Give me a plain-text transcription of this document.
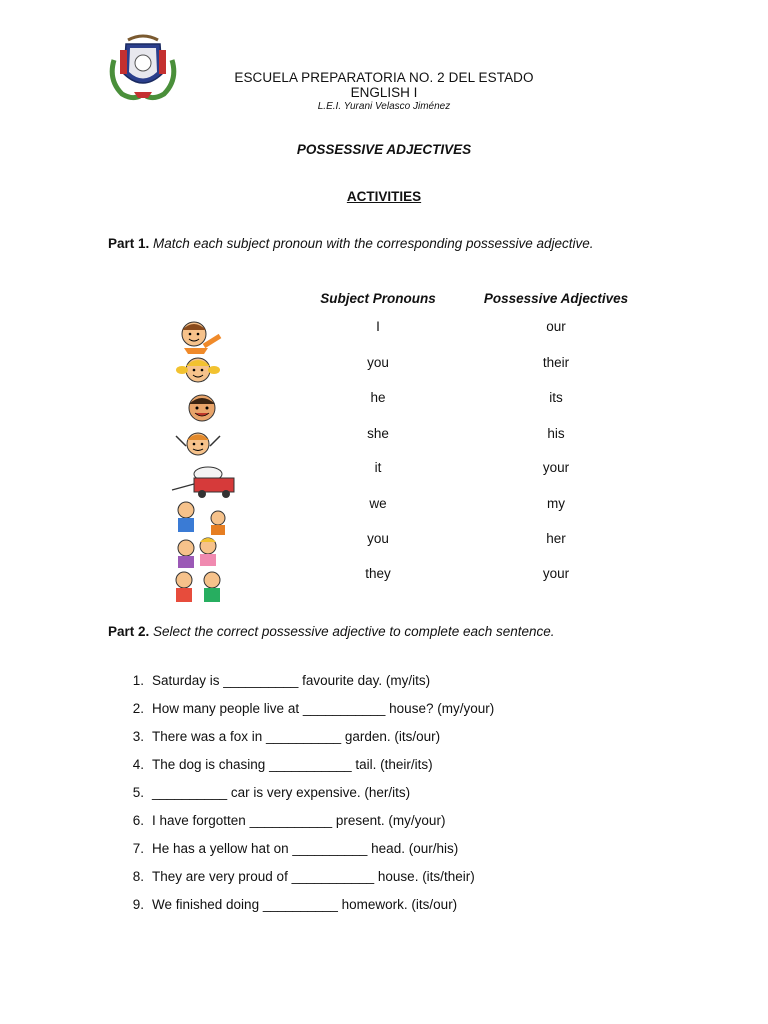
ESCUELA PREPARATORIA NO. 2 DEL ESTADO
ENGLISH I
L.E.I. Yurani Velasco Jiménez
POSSESSIVE ADJECTIVES
ACTIVITIES
Part 1. Match each subject pronoun with the corresponding possessive adjective.
Subject Pronouns	Possessive Adjectives
I
you
he
she
it
we
you
they
our
their
its
his
your
my
her
your
Part 2. Select the correct possessive adjective to complete each sentence.
1. Saturday is __________ favourite day. (my/its)
2. How many people live at ___________ house? (my/your)
3. There was a fox in __________ garden. (its/our)
4. The dog is chasing ___________ tail. (their/its)
5. __________ car is very expensive. (her/its)
6. I have forgotten ___________ present. (my/your)
7. He has a yellow hat on __________ head. (our/his)
8. They are very proud of ___________ house. (its/their)
9. We finished doing __________ homework. (its/our)
